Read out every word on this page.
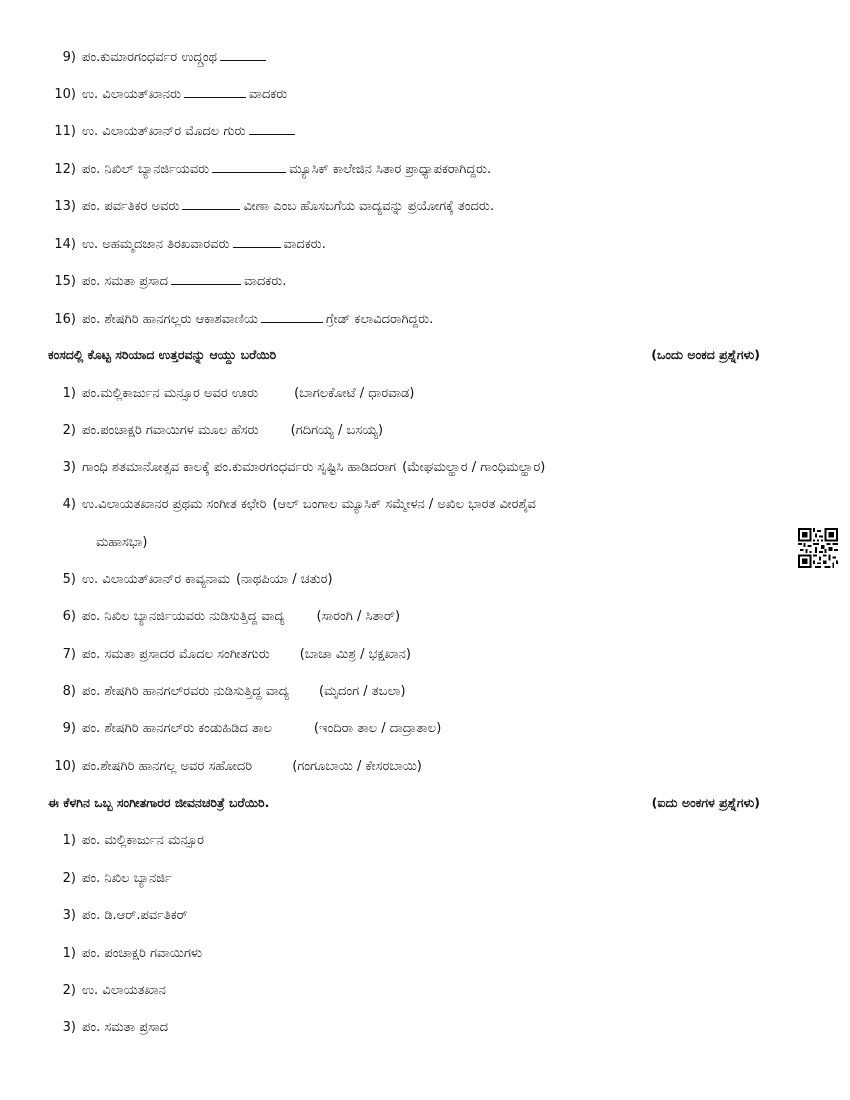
9) ಪಂ.ಕುಮಾರಗಂಧರ್ವರ ಉದ್ಗ್ರಂಥ
10) ಉ. ವಿಲಾಯತ್‌ಖಾನರು	ವಾದಕರು
11) ಉ. ವಿಲಾಯತ್‌ಖಾನ್‌ರ ಮೊದಲ ಗುರು
12) ಪಂ. ನಿಖಿಲ್ ಬ್ಯಾನರ್ಜಿಯವರು	ಮ್ಯೂಸಿಕ್ ಕಾಲೇಜಿನ ಸಿತಾರ ಪ್ರಾಧ್ಯಾಪಕರಾಗಿದ್ದರು.
13) ಪಂ. ಪರ್ವತಿಕರ ಅವರು	ವೀಣಾ ಎಂಬ ಹೊಸಬಗೆಯ ವಾದ್ಯವನ್ನು ಪ್ರಯೋಗಕ್ಕೆ ತಂದರು.
14) ಉ. ಅಹಮ್ಮದಜಾನ ತಿರಖವಾರವರು	ವಾದಕರು.
15) ಪಂ. ಸಮತಾ ಪ್ರಸಾದ	ವಾದಕರು.
16) ಪಂ. ಶೇಷಗಿರಿ ಹಾನಗಲ್ಲರು ಆಕಾಶವಾಣಿಯ	ಗ್ರೇಡ್ ಕಲಾವಿದರಾಗಿದ್ದರು.
ಕಂಸದಲ್ಲಿ ಕೊಟ್ಟ ಸರಿಯಾದ ಉತ್ತರವನ್ನು ಆಯ್ದು ಬರೆಯಿರಿ	(ಒಂದು ಅಂಕದ ಪ್ರಶ್ನೆಗಳು)
1) ಪಂ.ಮಲ್ಲಿಕಾರ್ಜುನ ಮನ್ಸೂರ ಅವರ ಊರು	(ಬಾಗಲಕೋಟೆ / ಧಾರವಾಡ)
2) ಪಂ.ಪಂಚಾಕ್ಷರಿ ಗವಾಯಿಗಳ ಮೂಲ ಹೆಸರು (ಗದಿಗಯ್ಯ / ಬಸಯ್ಯ)
3) ಗಾಂಧಿ ಶತಮಾನೋತ್ಸವ ಕಾಲಕ್ಕೆ ಪಂ.ಕುಮಾರಗಂಧರ್ವರು ಸೃಷ್ಟಿಸಿ ಹಾಡಿದರಾಗ (ಮೇಘಮಲ್ಹಾರ / ಗಾಂಧಿಮಲ್ಹಾರ)
4) ಉ.ವಿಲಾಯತಖಾನರ ಪ್ರಥಮ ಸಂಗೀತ ಕಛೇರಿ (ಆಲ್ ಬಂಗಾಲ ಮ್ಯೂಸಿಕ್ ಸಮ್ಮೇಳನ / ಅಖಿಲ ಭಾರತ ವೀರಶೈವ
ಮಹಾಸಭಾ)
5) ಉ. ವಿಲಾಯತ್‌ಖಾನ್‌ರ ಕಾವ್ಯನಾಮ (ನಾಥಪಿಯಾ / ಚತುರ)
6) ಪಂ. ನಿಖಿಲ ಬ್ಯಾನರ್ಜಿಯವರು ನುಡಿಸುತ್ತಿದ್ದ ವಾದ್ಯ (ಸಾರಂಗಿ / ಸಿತಾರ್)
7) ಪಂ. ಸಮತಾ ಪ್ರಸಾದರ ಮೊದಲ ಸಂಗೀತಗುರು (ಬಾಚಾ ಮಿಶ್ರ / ಭಕ್ಷಖಾನ)
8) ಪಂ. ಶೇಷಗಿರಿ ಹಾನಗಲ್‌ರವರು ನುಡಿಸುತ್ತಿದ್ದ ವಾದ್ಯ (ಮೃದಂಗ / ತಬಲಾ)
9) ಪಂ. ಶೇಷಗಿರಿ ಹಾನಗಲ್‌ರು ಕಂಡುಹಿಡಿದ ತಾಲ	(ಇಂದಿರಾ ತಾಲ / ದಾದ್ರಾತಾಲ)
10) ಪಂ.ಶೇಷಗಿರಿ ಹಾನಗಲ್ಲ ಅವರ ಸಹೋದರಿ	(ಗಂಗೂಬಾಯಿ / ಕೇಸರಬಾಯಿ)
ಈ ಕೆಳಗಿನ ಒಬ್ಬ ಸಂಗೀತಗಾರರ ಜೀವನಚರಿತ್ರೆ ಬರೆಯಿರಿ.	(ಐದು ಅಂಕಗಳ ಪ್ರಶ್ನೆಗಳು)
1) ಪಂ. ಮಲ್ಲಿಕಾರ್ಜುನ ಮನ್ಸೂರ
2) ಪಂ. ನಿಖಿಲ ಬ್ಯಾನರ್ಜಿ
3) ಪಂ. ಡಿ.ಆರ್.ಪರ್ವತಿಕರ್
1) ಪಂ. ಪಂಚಾಕ್ಷರಿ ಗವಾಯಿಗಳು
2) ಉ. ವಿಲಾಯತಖಾನ
3) ಪಂ. ಸಮತಾ ಪ್ರಸಾದ
